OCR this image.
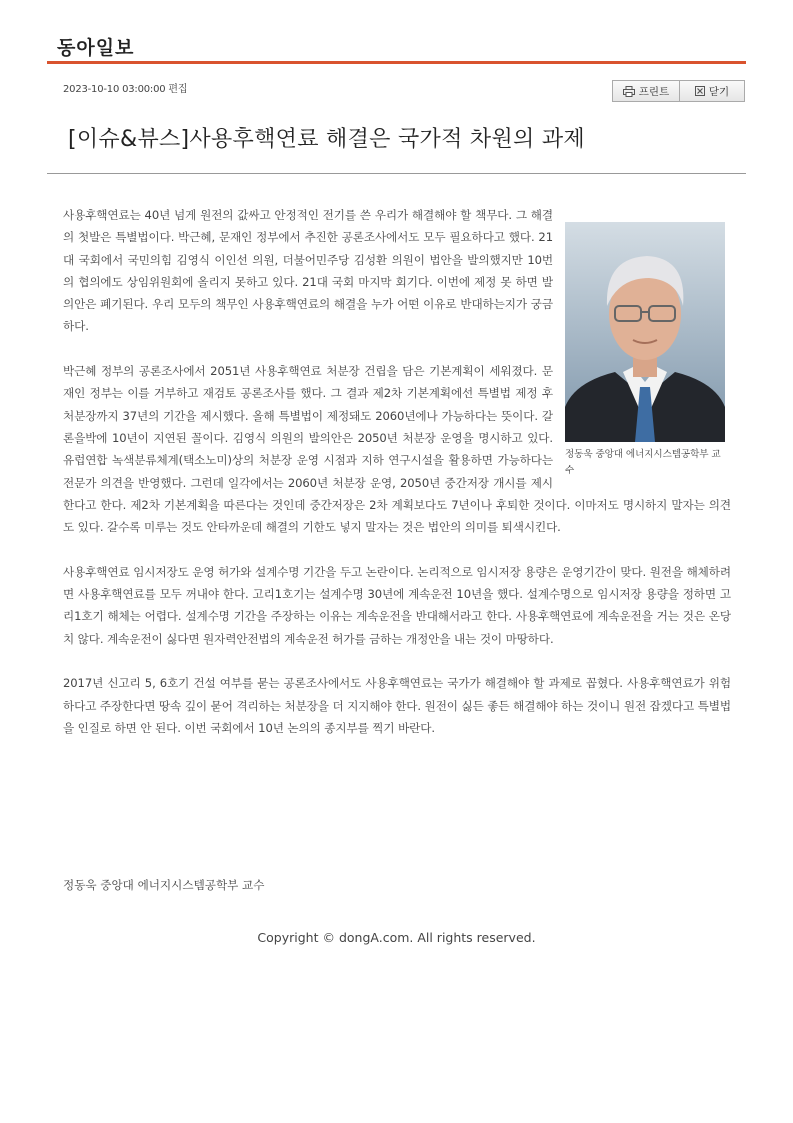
동아일보
2023-10-10 03:00:00 편집	프린트	닫기
[이슈&뷰스]사용후핵연료 해결은 국가적 차원의 과제
정동욱 중앙대 에너지시스템공학부 교수

사용후핵연료는 40년 넘게 원전의 값싸고 안정적인 전기를 쓴 우리가 해결해야 할 책무다. 그 해결의 첫발은 특별법이다. 박근혜, 문재인 정부에서 추진한 공론조사에서도 모두 필요하다고 했다. 21대 국회에서 국민의힘 김영식 이인선 의원, 더불어민주당 김성환 의원이 법안을 발의했지만 10번의 협의에도 상임위원회에 올리지 못하고 있다. 21대 국회 마지막 회기다. 이번에 제정 못 하면 발의안은 폐기된다. 우리 모두의 책무인 사용후핵연료의 해결을 누가 어떤 이유로 반대하는지가 궁금하다.

박근혜 정부의 공론조사에서 2051년 사용후핵연료 처분장 건립을 담은 기본계획이 세워졌다. 문재인 정부는 이를 거부하고 재검토 공론조사를 했다. 그 결과 제2차 기본계획에선 특별법 제정 후 처분장까지 37년의 기간을 제시했다. 올해 특별법이 제정돼도 2060년에나 가능하다는 뜻이다. 갈론을박에 10년이 지연된 꼴이다. 김영식 의원의 발의안은 2050년 처분장 운영을 명시하고 있다. 유럽연합 녹색분류체계(택소노미)상의 처분장 운영 시점과 지하 연구시설을 활용하면 가능하다는 전문가 의견을 반영했다. 그런데 일각에서는 2060년 처분장 운영, 2050년 중간저장 개시를 제시한다고 한다. 제2차 기본계획을 따른다는 것인데 중간저장은 2차 계획보다도 7년이나 후퇴한 것이다. 이마저도 명시하지 말자는 의견도 있다. 갈수록 미루는 것도 안타까운데 해결의 기한도 넣지 말자는 것은 법안의 의미를 퇴색시킨다.

사용후핵연료 임시저장도 운영 허가와 설계수명 기간을 두고 논란이다. 논리적으로 임시저장 용량은 운영기간이 맞다. 원전을 해체하려면 사용후핵연료를 모두 꺼내야 한다. 고리1호기는 설계수명 30년에 계속운전 10년을 했다. 설계수명으로 임시저장 용량을 정하면 고리1호기 해체는 어렵다. 설계수명 기간을 주장하는 이유는 계속운전을 반대해서라고 한다. 사용후핵연료에 계속운전을 거는 것은 온당치 않다. 계속운전이 싫다면 원자력안전법의 계속운전 허가를 금하는 개정안을 내는 것이 마땅하다.

2017년 신고리 5, 6호기 건설 여부를 묻는 공론조사에서도 사용후핵연료는 국가가 해결해야 할 과제로 꼽혔다. 사용후핵연료가 위험하다고 주장한다면 땅속 깊이 묻어 격리하는 처분장을 더 지지해야 한다. 원전이 싫든 좋든 해결해야 하는 것이니 원전 잡겠다고 특별법을 인질로 하면 안 된다. 이번 국회에서 10년 논의의 종지부를 찍기 바란다.

정동욱 중앙대 에너지시스템공학부 교수
Copyright © dongA.com. All rights reserved.
